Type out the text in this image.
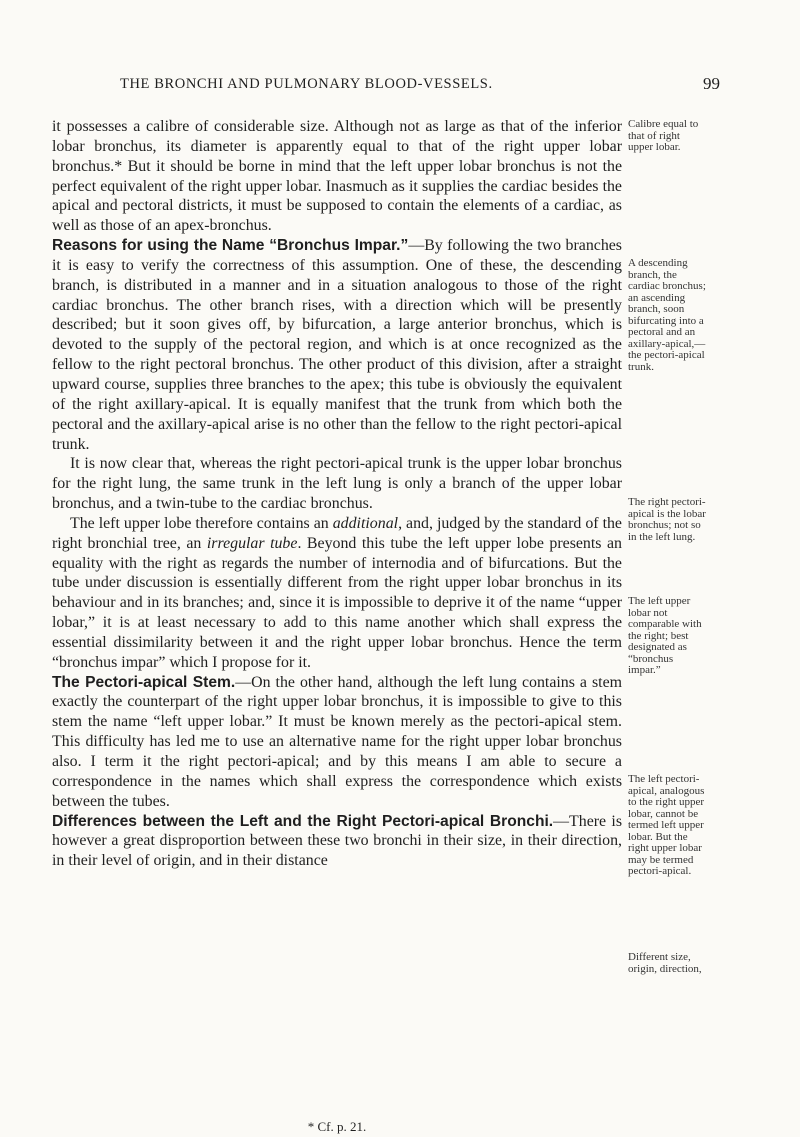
THE BRONCHI AND PULMONARY BLOOD-VESSELS.	99

it possesses a calibre of considerable size. Although not as large as that of the inferior lobar bronchus, its diameter is apparently equal to that of the right upper lobar bronchus.* But it should be borne in mind that the left upper lobar bronchus is not the perfect equivalent of the right upper lobar. Inasmuch as it supplies the cardiac besides the apical and pectoral districts, it must be supposed to contain the elements of a cardiac, as well as those of an apex-bronchus.

Reasons for using the Name “Bronchus Impar.”—By following the two branches it is easy to verify the correctness of this assumption. One of these, the descending branch, is distributed in a manner and in a situation analogous to those of the right cardiac bronchus. The other branch rises, with a direction which will be presently described; but it soon gives off, by bifurcation, a large anterior bronchus, which is devoted to the supply of the pectoral region, and which is at once recognized as the fellow to the right pectoral bronchus. The other product of this division, after a straight upward course, supplies three branches to the apex; this tube is obviously the equivalent of the right axillary-apical. It is equally manifest that the trunk from which both the pectoral and the axillary-apical arise is no other than the fellow to the right pectori-apical trunk.

It is now clear that, whereas the right pectori-apical trunk is the upper lobar bronchus for the right lung, the same trunk in the left lung is only a branch of the upper lobar bronchus, and a twin-tube to the cardiac bronchus.

The left upper lobe therefore contains an additional, and, judged by the standard of the right bronchial tree, an irregular tube. Beyond this tube the left upper lobe presents an equality with the right as regards the number of internodia and of bifurcations. But the tube under discussion is essentially different from the right upper lobar bronchus in its behaviour and in its branches; and, since it is impossible to deprive it of the name “upper lobar,” it is at least necessary to add to this name another which shall express the essential dissimilarity between it and the right upper lobar bronchus. Hence the term “bronchus impar” which I propose for it.

The Pectori-apical Stem.—On the other hand, although the left lung contains a stem exactly the counterpart of the right upper lobar bronchus, it is impossible to give to this stem the name “left upper lobar.” It must be known merely as the pectori-apical stem. This difficulty has led me to use an alternative name for the right upper lobar bronchus also. I term it the right pectori-apical; and by this means I am able to secure a correspondence in the names which shall express the correspondence which exists between the tubes.

Differences between the Left and the Right Pectori-apical Bronchi.—There is however a great disproportion between these two bronchi in their size, in their direction, in their level of origin, and in their distance

* Cf. p. 21.
Calibre equal to that of right upper lobar.
A descending branch, the cardiac bronchus; an ascending branch, soon bifurcating into a pectoral and an axillary-apical,—the pectori-apical trunk.
The right pectori-apical is the lobar bronchus; not so in the left lung.
The left upper lobar not comparable with the right; best designated as “bronchus impar.”
The left pectori-apical, analogous to the right upper lobar, cannot be termed left upper lobar. But the right upper lobar may be termed pectori-apical.
Different size, origin, direction,
